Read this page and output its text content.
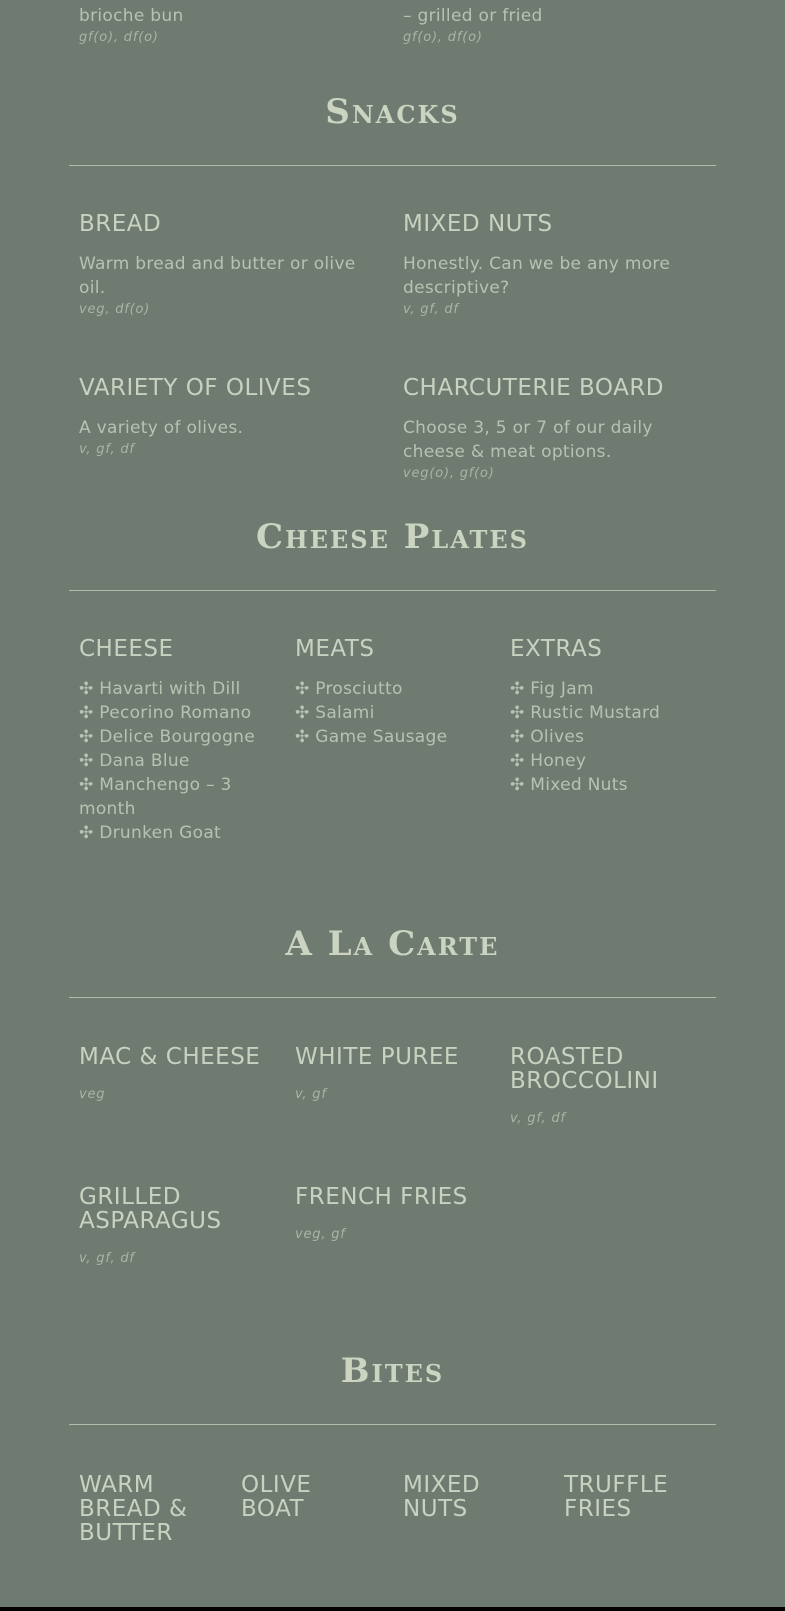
brioche bun
gf(o), df(o)
– grilled or fried
gf(o), df(o)
Snacks
BREAD
Warm bread and butter or olive oil.
veg, df(o)
MIXED NUTS
Honestly. Can we be any more descriptive?
v, gf, df
VARIETY OF OLIVES
A variety of olives.
v, gf, df
CHARCUTERIE BOARD
Choose 3, 5 or 7 of our daily cheese & meat options.
veg(o), gf(o)
Cheese Plates
CHEESE
✣ Havarti with Dill
✣ Pecorino Romano
✣ Delice Bourgogne
✣ Dana Blue
✣ Manchengo – 3 month
✣ Drunken Goat
MEATS
✣ Prosciutto
✣ Salami
✣ Game Sausage
EXTRAS
✣ Fig Jam
✣ Rustic Mustard
✣ Olives
✣ Honey
✣ Mixed Nuts
A La Carte
MAC & CHEESE
veg
WHITE PUREE
v, gf
ROASTED BROCCOLINI
v, gf, df
GRILLED ASPARAGUS
v, gf, df
FRENCH FRIES
veg, gf
Bites
WARM BREAD & BUTTER
OLIVE BOAT
MIXED NUTS
TRUFFLE FRIES
